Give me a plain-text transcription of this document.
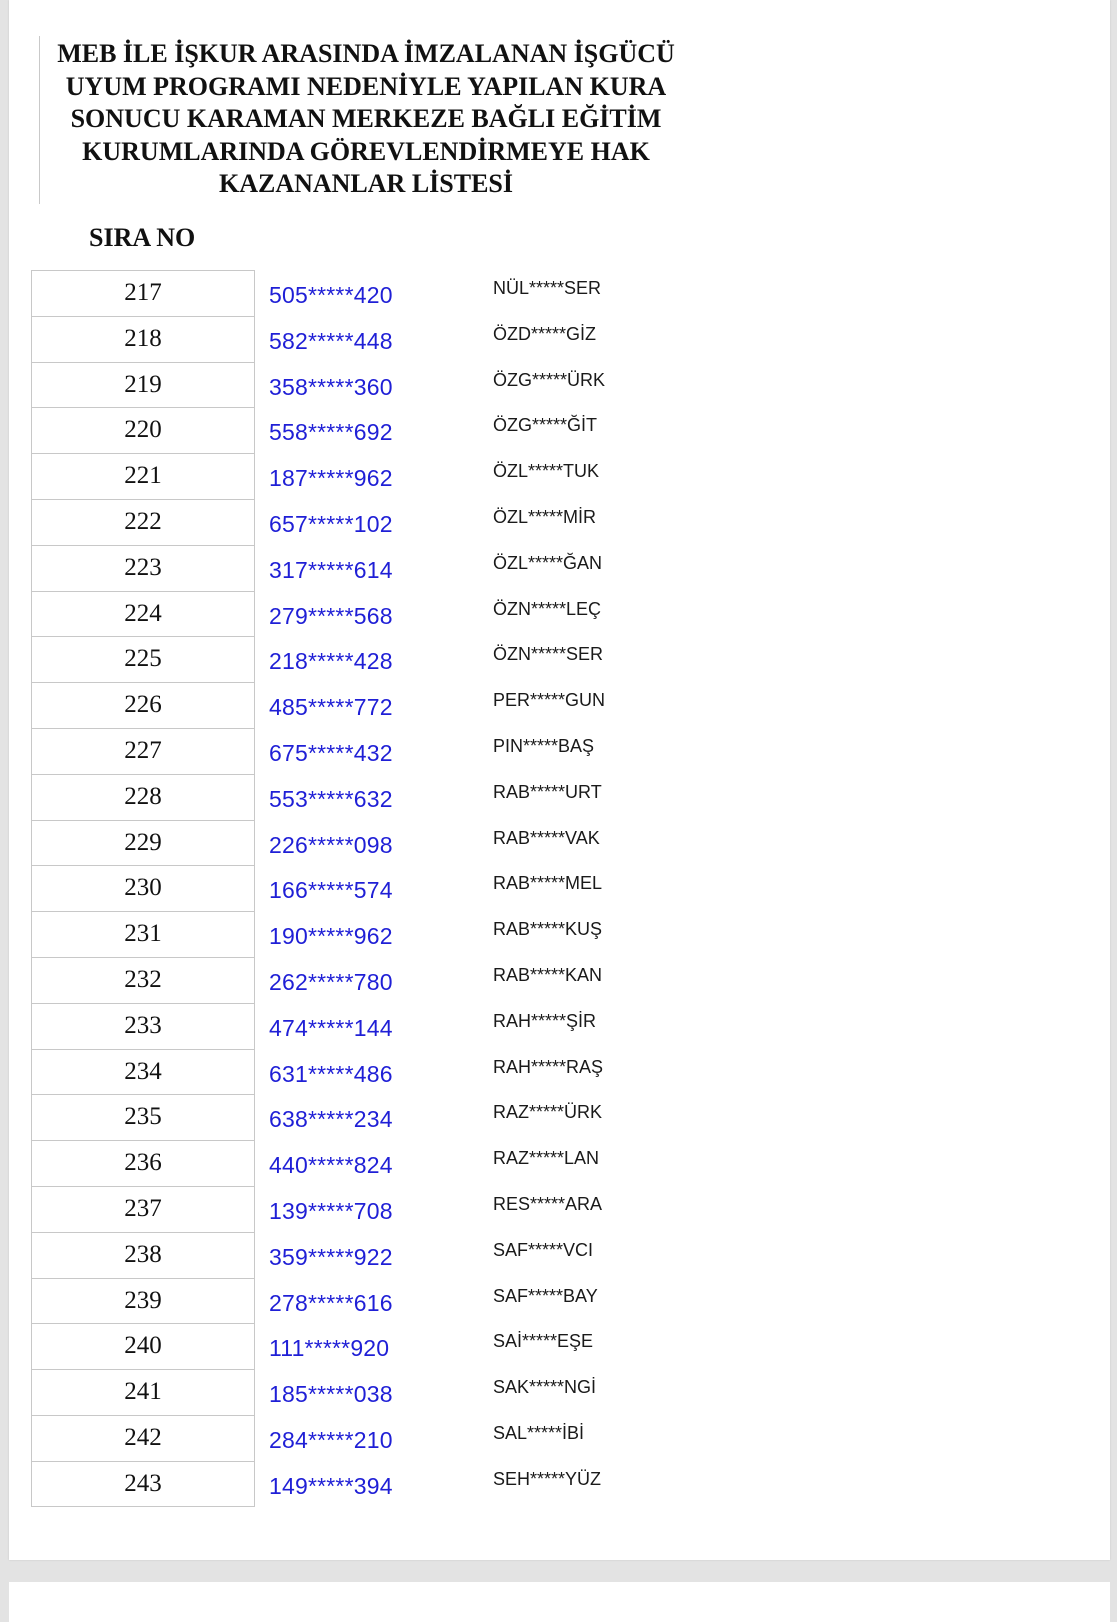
MEB İLE İŞKUR ARASINDA İMZALANAN İŞGÜCÜ UYUM PROGRAMI NEDENİYLE YAPILAN KURA SONUCU KARAMAN MERKEZE BAĞLI EĞİTİM KURUMLARINDA GÖREVLENDİRMEYE HAK KAZANANLAR LİSTESİ

SIRA NO
217	505*****420	NÜL*****SER
218	582*****448	ÖZD*****GİZ
219	358*****360	ÖZG*****ÜRK
220	558*****692	ÖZG*****ĞİT
221	187*****962	ÖZL*****TUK
222	657*****102	ÖZL*****MİR
223	317*****614	ÖZL*****ĞAN
224	279*****568	ÖZN*****LEÇ
225	218*****428	ÖZN*****SER
226	485*****772	PER*****GUN
227	675*****432	PIN*****BAŞ
228	553*****632	RAB*****URT
229	226*****098	RAB*****VAK
230	166*****574	RAB*****MEL
231	190*****962	RAB*****KUŞ
232	262*****780	RAB*****KAN
233	474*****144	RAH*****ŞİR
234	631*****486	RAH*****RAŞ
235	638*****234	RAZ*****ÜRK
236	440*****824	RAZ*****LAN
237	139*****708	RES*****ARA
238	359*****922	SAF*****VCI
239	278*****616	SAF*****BAY
240	111*****920	SAİ*****EŞE
241	185*****038	SAK*****NGİ
242	284*****210	SAL*****İBİ
243	149*****394	SEH*****YÜZ
